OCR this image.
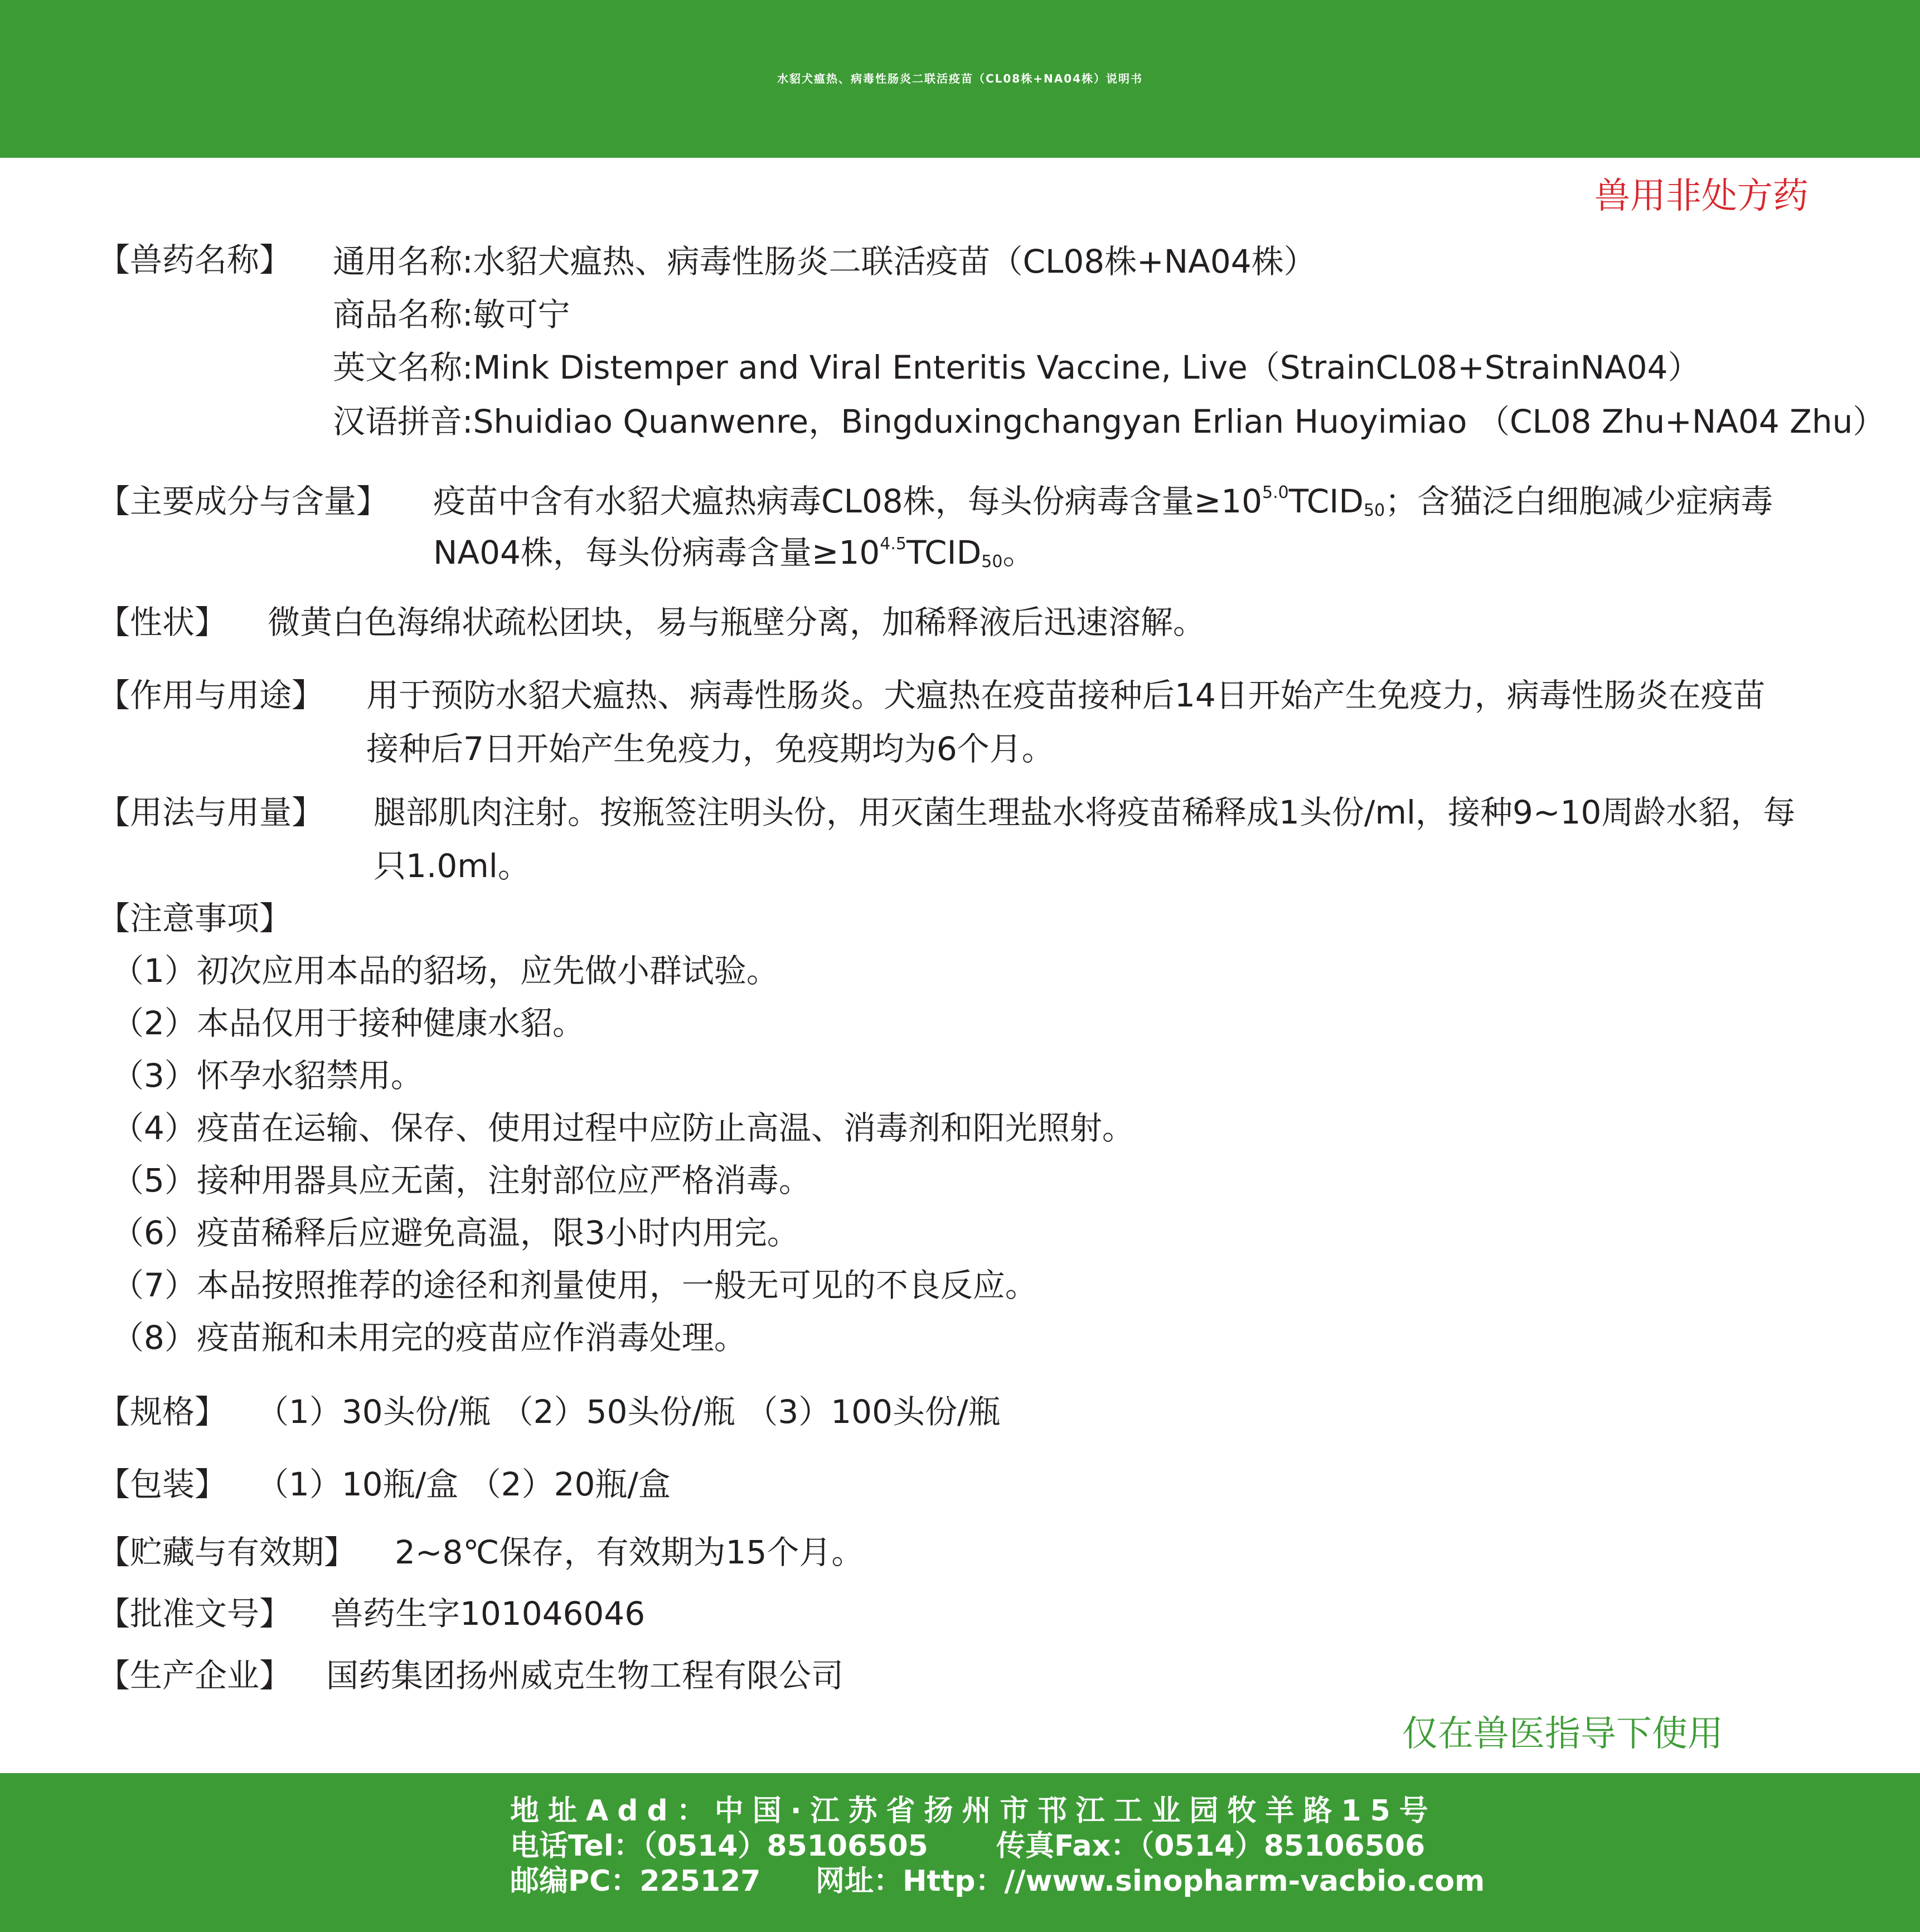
水貂犬瘟热、病毒性肠炎二联活疫苗（CL08株+NA04株）说明书
兽用非处方药
【兽药名称】 通用名称:水貂犬瘟热、病毒性肠炎二联活疫苗（CL08株+NA04株）
商品名称:敏可宁
英文名称:Mink Distemper and Viral Enteritis Vaccine, Live（StrainCL08+StrainNA04）
汉语拼音:Shuidiao Quanwenre，Bingduxingchangyan Erlian Huoyimiao （CL08 Zhu+NA04 Zhu）
【主要成分与含量】 疫苗中含有水貂犬瘟热病毒CL08株，每头份病毒含量$\ge 10^{5.0}TCID_{50}$；含猫泛白细胞减少症病毒
NA04株，每头份病毒含量$\ge 10^{4.5}TCID_{50}$。
【性状】 微黄白色海绵状疏松团块，易与瓶壁分离，加稀释液后迅速溶解。
【作用与用途】 用于预防水貂犬瘟热、病毒性肠炎。犬瘟热在疫苗接种后14日开始产生免疫力，病毒性肠炎在疫苗
接种后7日开始产生免疫力，免疫期均为6个月。
【用法与用量】 腿部肌肉注射。按瓶签注明头份，用灭菌生理盐水将疫苗稀释成1头份/ml，接种9~10周龄水貂，每
只1.0ml。
【注意事项】
（1）初次应用本品的貂场，应先做小群试验。
（2）本品仅用于接种健康水貂。
（3）怀孕水貂禁用。
（4）疫苗在运输、保存、使用过程中应防止高温、消毒剂和阳光照射。
（5）接种用器具应无菌，注射部位应严格消毒。
（6）疫苗稀释后应避免高温，限3小时内用完。
（7）本品按照推荐的途径和剂量使用，一般无可见的不良反应。
（8）疫苗瓶和未用完的疫苗应作消毒处理。
【规格】 （1）30头份/瓶 （2）50头份/瓶 （3）100头份/瓶
【包装】 （1）10瓶/盒 （2）20瓶/盒
【贮藏与有效期】 2~8℃保存，有效期为15个月。
【批准文号】 兽药生字101046046
【生产企业】 国药集团扬州威克生物工程有限公司
仅在兽医指导下使用
地址Add：中国·江苏省扬州市邗江工业园牧羊路15号
电话Tel：（0514）85106505 传真Fax：（0514）85106506
邮编PC：225127 网址：Http：//www.sinopharm-vacbio.com
